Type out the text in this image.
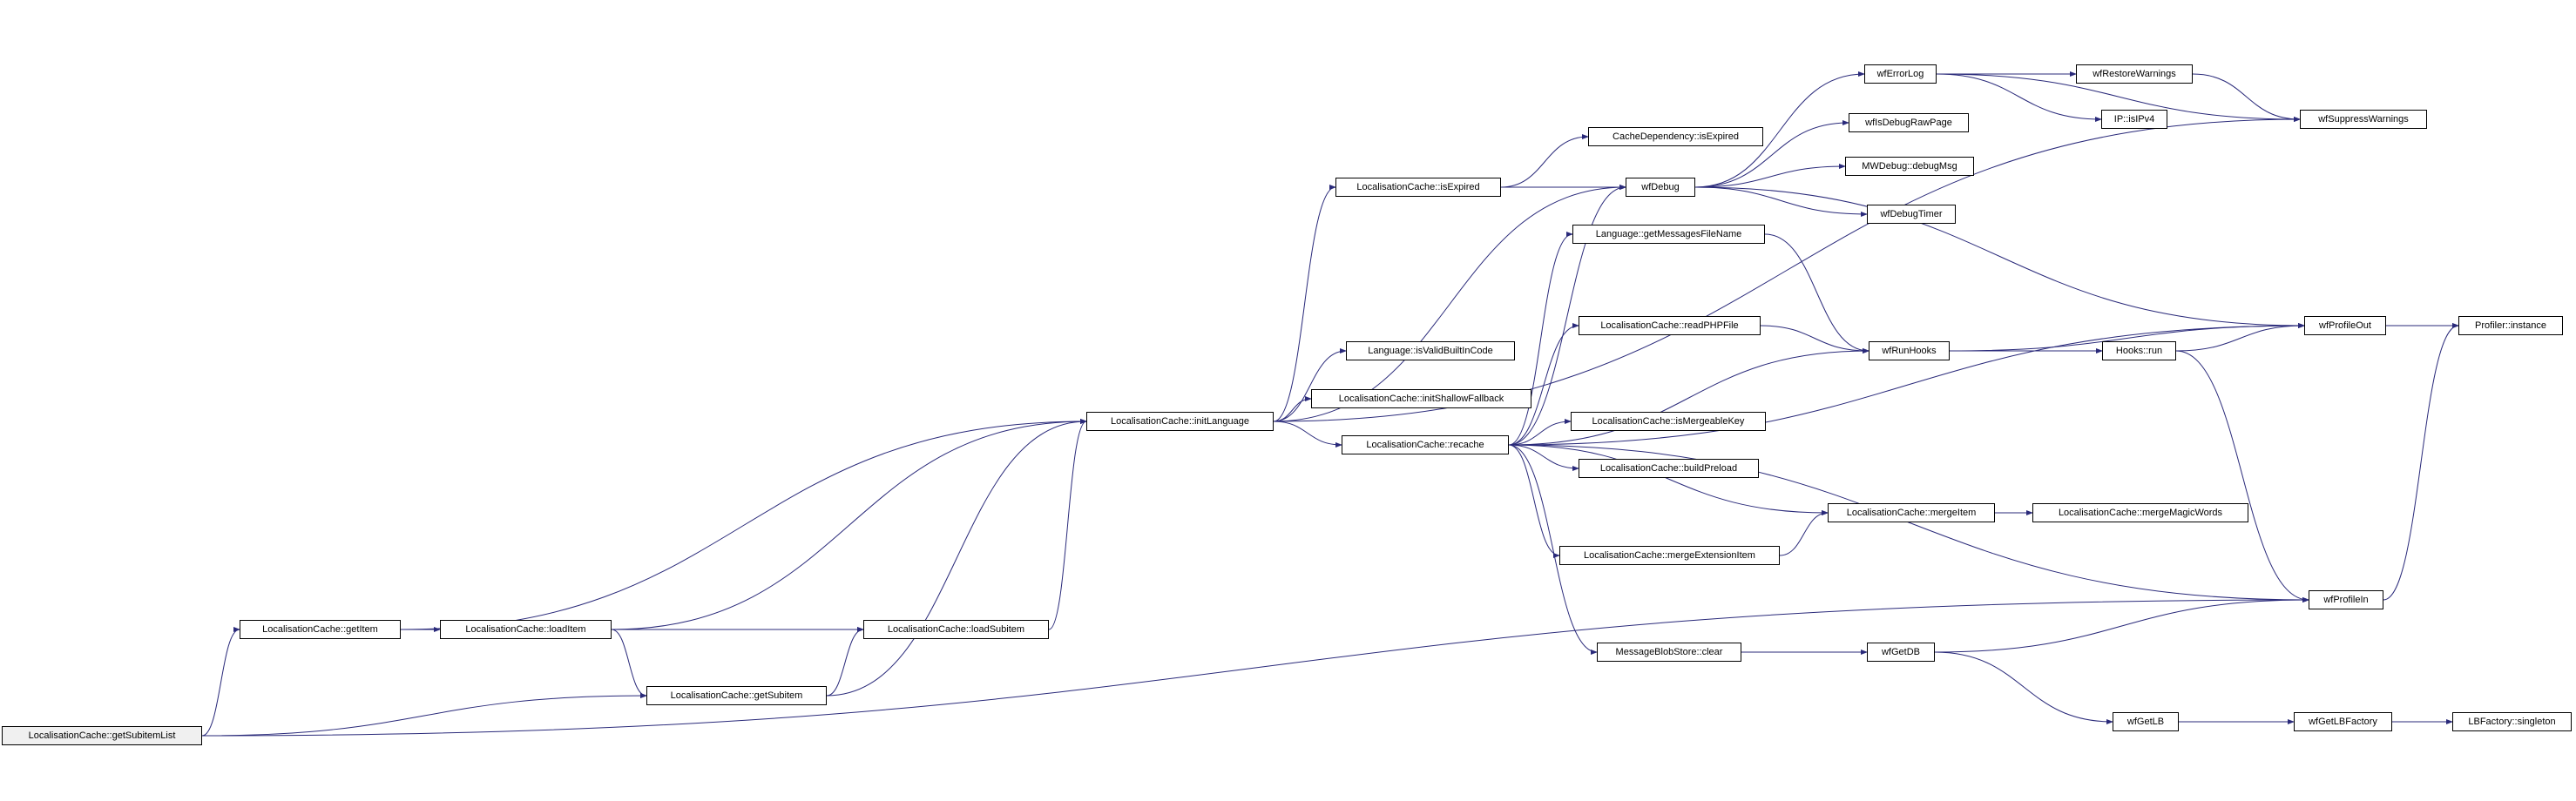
LocalisationCache::getSubitemList
LocalisationCache::getItem	LocalisationCache::loadItem
LocalisationCache::getSubitem
LocalisationCache::loadSubitem
LocalisationCache::initLanguage
LocalisationCache::isExpired
Language::isValidBuiltInCode
LocalisationCache::initShallowFallback
LocalisationCache::recache
CacheDependency::isExpired
wfDebug
Language::getMessagesFileName
LocalisationCache::readPHPFile
LocalisationCache::isMergeableKey
LocalisationCache::buildPreload
LocalisationCache::mergeExtensionItem
MessageBlobStore::clear
LocalisationCache::mergeItem	LocalisationCache::mergeMagicWords
wfRunHooks	Hooks::run
wfErrorLog
wfIsDebugRawPage
MWDebug::debugMsg
wfDebugTimer
wfRestoreWarnings
IP::isIPv4	wfSuppressWarnings
wfProfileOut	Profiler::instance
wfProfileIn
wfGetDB
wfGetLB	wfGetLBFactory	LBFactory::singleton
